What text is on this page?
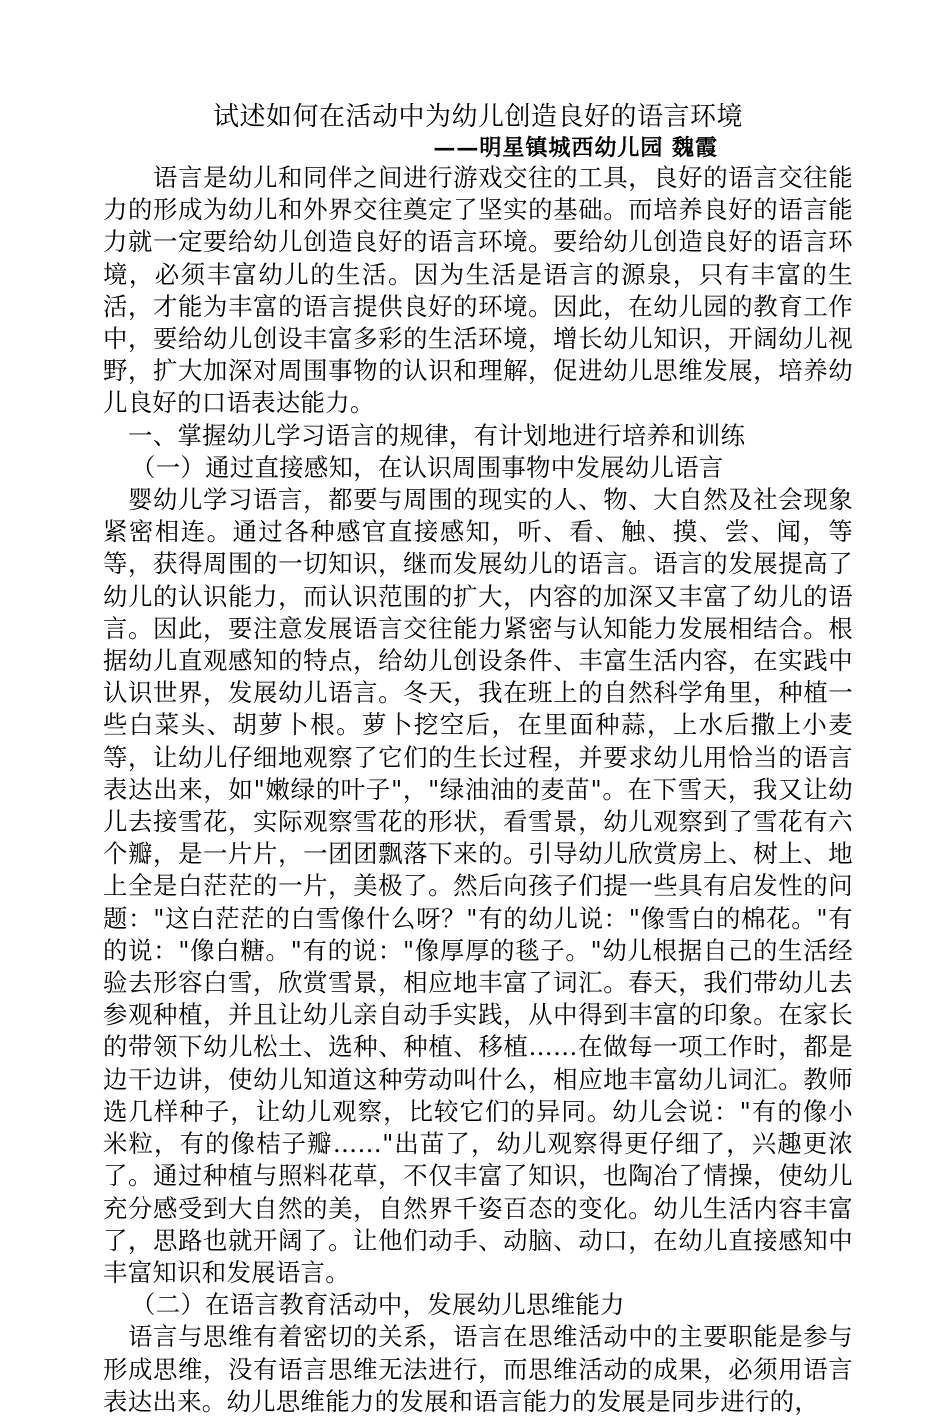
试述如何在活动中为幼儿创造良好的语言环境

——明星镇城西幼儿园 魏霞

语言是幼儿和同伴之间进行游戏交往的工具，良好的语言交往能力的形成为幼儿和外界交往奠定了坚实的基础。而培养良好的语言能力就一定要给幼儿创造良好的语言环境。要给幼儿创造良好的语言环境，必须丰富幼儿的生活。因为生活是语言的源泉，只有丰富的生活，才能为丰富的语言提供良好的环境。因此，在幼儿园的教育工作中，要给幼儿创设丰富多彩的生活环境，增长幼儿知识，开阔幼儿视野，扩大加深对周围事物的认识和理解，促进幼儿思维发展，培养幼儿良好的口语表达能力。

一、掌握幼儿学习语言的规律，有计划地进行培养和训练

（一）通过直接感知，在认识周围事物中发展幼儿语言

婴幼儿学习语言，都要与周围的现实的人、物、大自然及社会现象紧密相连。通过各种感官直接感知，听、看、触、摸、尝、闻，等等，获得周围的一切知识，继而发展幼儿的语言。语言的发展提高了幼儿的认识能力，而认识范围的扩大，内容的加深又丰富了幼儿的语言。因此，要注意发展语言交往能力紧密与认知能力发展相结合。根据幼儿直观感知的特点，给幼儿创设条件、丰富生活内容，在实践中认识世界，发展幼儿语言。冬天，我在班上的自然科学角里，种植一些白菜头、胡萝卜根。萝卜挖空后，在里面种蒜，上水后撒上小麦等，让幼儿仔细地观察了它们的生长过程，并要求幼儿用恰当的语言表达出来，如"嫩绿的叶子"，"绿油油的麦苗"。在下雪天，我又让幼儿去接雪花，实际观察雪花的形状，看雪景，幼儿观察到了雪花有六个瓣，是一片片，一团团飘落下来的。引导幼儿欣赏房上、树上、地上全是白茫茫的一片，美极了。然后向孩子们提一些具有启发性的问题："这白茫茫的白雪像什么呀？"有的幼儿说："像雪白的棉花。"有的说："像白糖。"有的说："像厚厚的毯子。"幼儿根据自己的生活经验去形容白雪，欣赏雪景，相应地丰富了词汇。春天，我们带幼儿去参观种植，并且让幼儿亲自动手实践，从中得到丰富的印象。在家长的带领下幼儿松土、选种、种植、移植……在做每一项工作时，都是边干边讲，使幼儿知道这种劳动叫什么，相应地丰富幼儿词汇。教师选几样种子，让幼儿观察，比较它们的异同。幼儿会说："有的像小米粒，有的像桔子瓣……"出苗了，幼儿观察得更仔细了，兴趣更浓了。通过种植与照料花草，不仅丰富了知识，也陶冶了情操，使幼儿充分感受到大自然的美，自然界千姿百态的变化。幼儿生活内容丰富了，思路也就开阔了。让他们动手、动脑、动口，在幼儿直接感知中丰富知识和发展语言。

（二）在语言教育活动中，发展幼儿思维能力

语言与思维有着密切的关系，语言在思维活动中的主要职能是参与形成思维，没有语言思维无法进行，而思维活动的成果，必须用语言表达出来。幼儿思维能力的发展和语言能力的发展是同步进行的，
